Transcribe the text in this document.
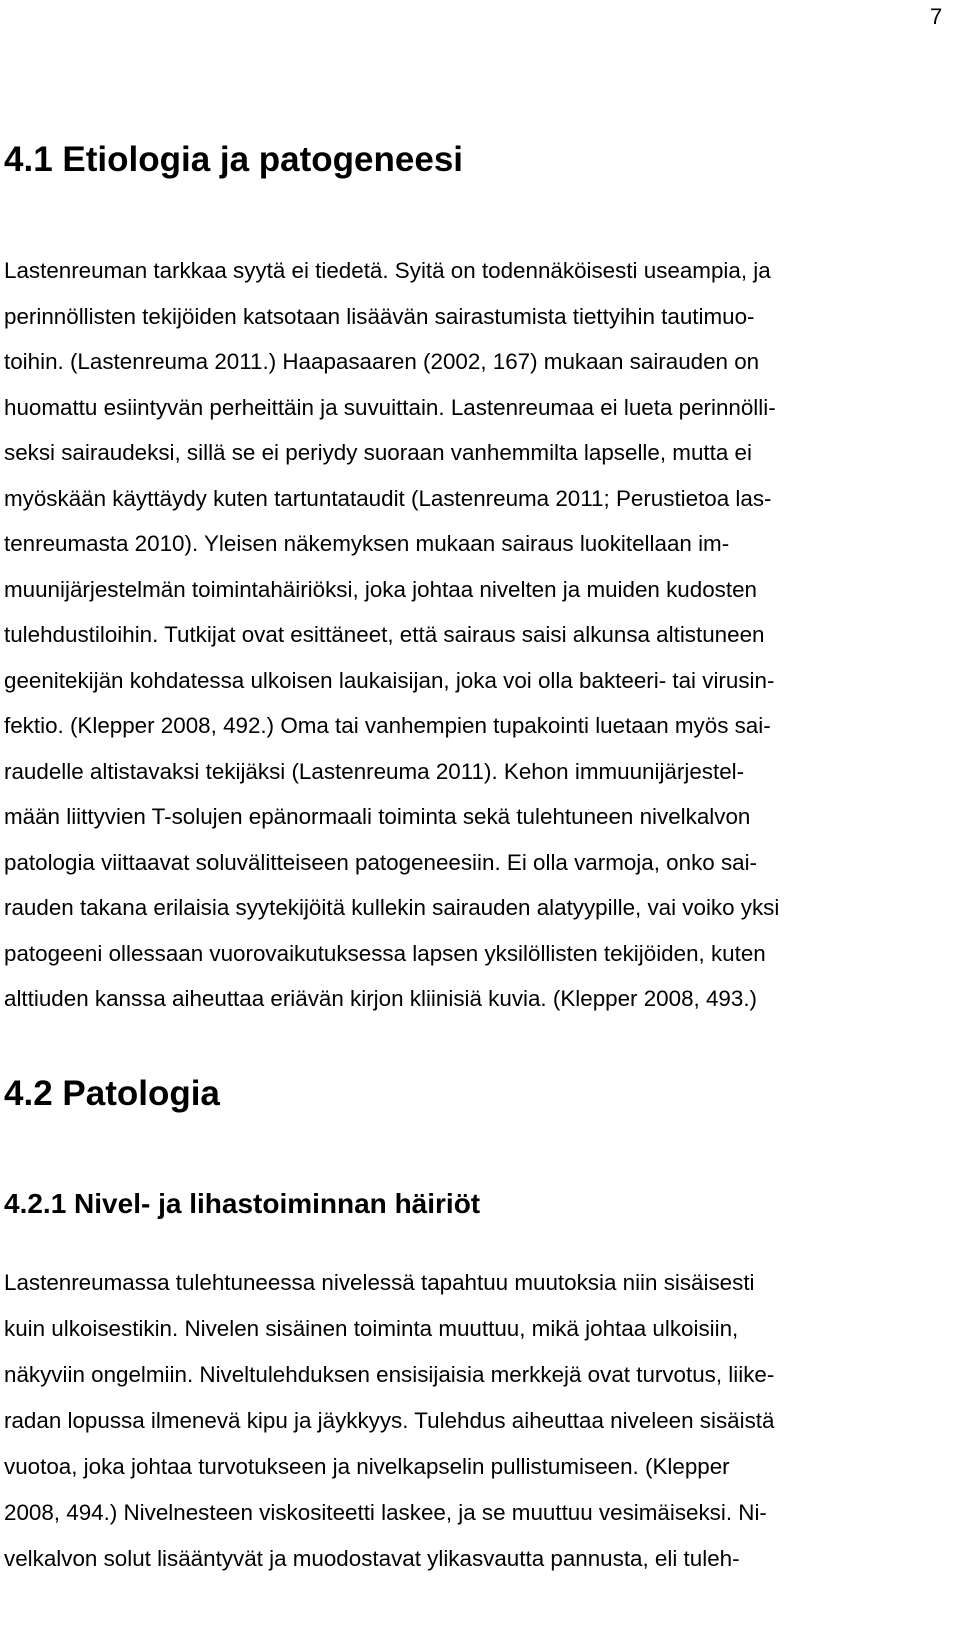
7
4.1 Etiologia ja patogeneesi
Lastenreuman tarkkaa syytä ei tiedetä. Syitä on todennäköisesti useampia, ja
perinnöllisten tekijöiden katsotaan lisäävän sairastumista tiettyihin tautimuo-
toihin. (Lastenreuma 2011.) Haapasaaren (2002, 167) mukaan sairauden on
huomattu esiintyvän perheittäin ja suvuittain. Lastenreumaa ei lueta perinnölli-
seksi sairaudeksi, sillä se ei periydy suoraan vanhemmilta lapselle, mutta ei
myöskään käyttäydy kuten tartuntataudit (Lastenreuma 2011; Perustietoa las-
tenreumasta 2010). Yleisen näkemyksen mukaan sairaus luokitellaan im-
muunijärjestelmän toimintahäiriöksi, joka johtaa nivelten ja muiden kudosten
tulehdustiloihin. Tutkijat ovat esittäneet, että sairaus saisi alkunsa altistuneen
geenitekijän kohdatessa ulkoisen laukaisijan, joka voi olla bakteeri- tai virusin-
fektio. (Klepper 2008, 492.) Oma tai vanhempien tupakointi luetaan myös sai-
raudelle altistavaksi tekijäksi (Lastenreuma 2011). Kehon immuunijärjestel-
mään liittyvien T-solujen epänormaali toiminta sekä tulehtuneen nivelkalvon
patologia viittaavat soluvälitteiseen patogeneesiin. Ei olla varmoja, onko sai-
rauden takana erilaisia syytekijöitä kullekin sairauden alatyypille, vai voiko yksi
patogeeni ollessaan vuorovaikutuksessa lapsen yksilöllisten tekijöiden, kuten
alttiuden kanssa aiheuttaa eriävän kirjon kliinisiä kuvia. (Klepper 2008, 493.)
4.2 Patologia
4.2.1 Nivel- ja lihastoiminnan häiriöt
Lastenreumassa tulehtuneessa nivelessä tapahtuu muutoksia niin sisäisesti
kuin ulkoisestikin. Nivelen sisäinen toiminta muuttuu, mikä johtaa ulkoisiin,
näkyviin ongelmiin. Niveltulehduksen ensisijaisia merkkejä ovat turvotus, liike-
radan lopussa ilmenevä kipu ja jäykkyys. Tulehdus aiheuttaa niveleen sisäistä
vuotoa, joka johtaa turvotukseen ja nivelkapselin pullistumiseen. (Klepper
2008, 494.) Nivelnesteen viskositeetti laskee, ja se muuttuu vesimäiseksi. Ni-
velkalvon solut lisääntyvät ja muodostavat ylikasvautta pannusta, eli tuleh-
